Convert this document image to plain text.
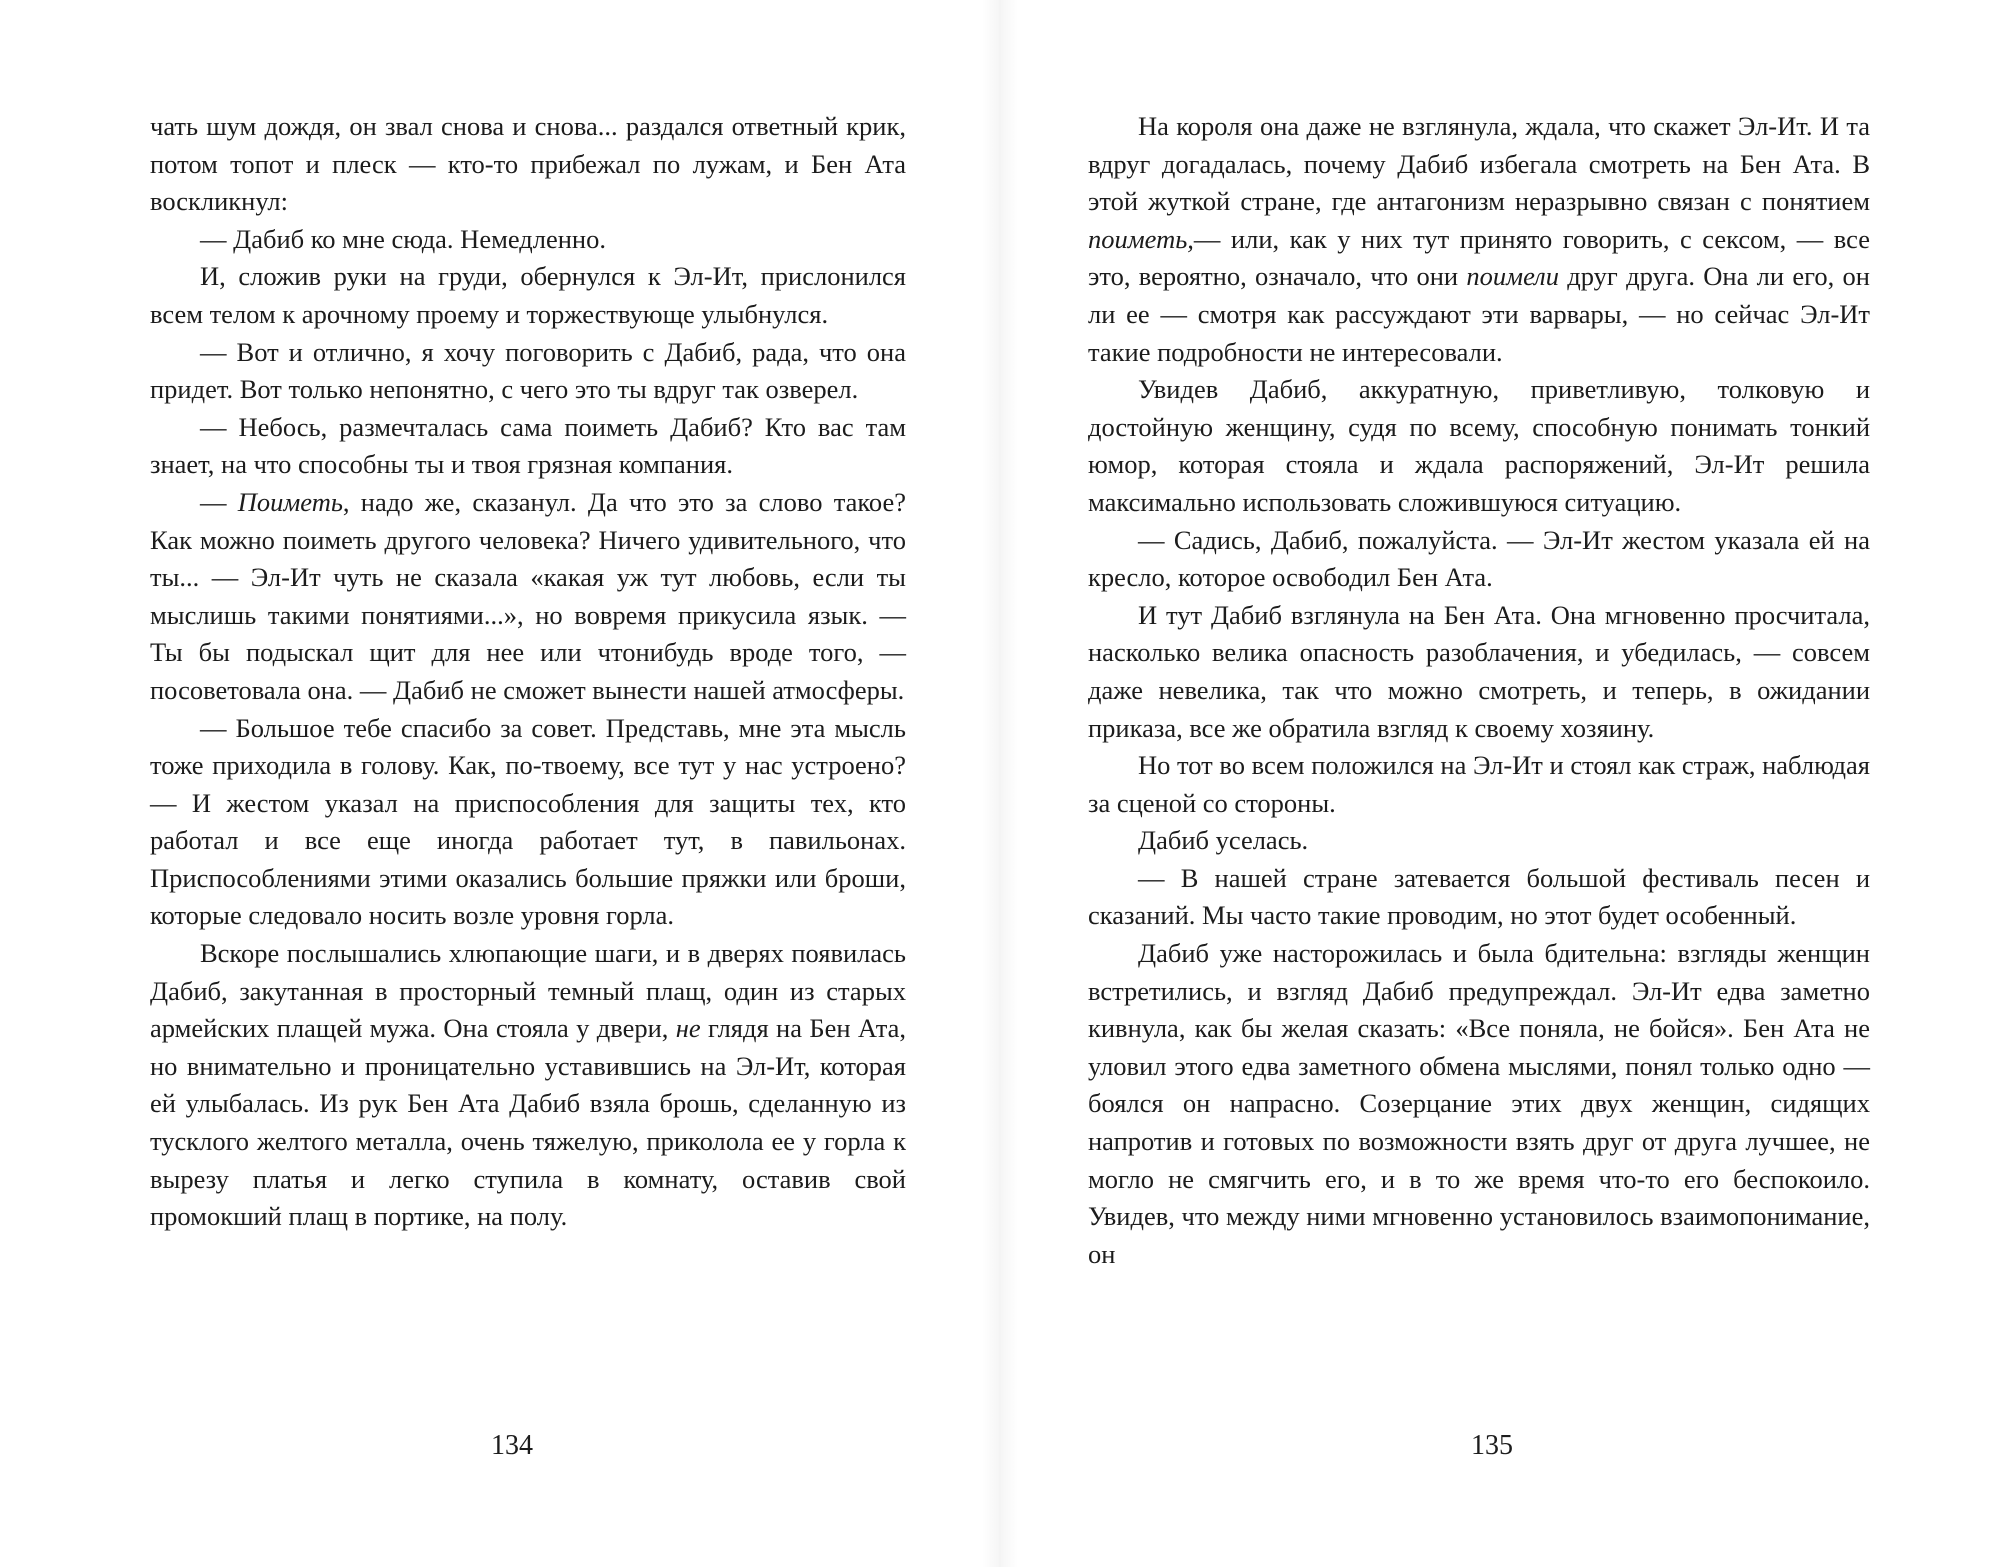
чать шум дождя, он звал снова и снова... раздался ответный крик, потом топот и плеск — кто-то прибежал по лужам, и Бен Ата воскликнул:

— Дабиб ко мне сюда. Немедленно.

И, сложив руки на груди, обернулся к Эл-Ит, прислонился всем телом к арочному проему и торжествующе улыбнулся.

— Вот и отлично, я хочу поговорить с Дабиб, рада, что она придет. Вот только непонятно, с чего это ты вдруг так озверел.

— Небось, размечталась сама поиметь Дабиб? Кто вас там знает, на что способны ты и твоя грязная компания.

— Поиметь, надо же, сказанул. Да что это за слово такое? Как можно поиметь другого человека? Ничего удивительного, что ты... — Эл-Ит чуть не сказала «какая уж тут любовь, если ты мыслишь такими понятиями...», но вовремя прикусила язык. — Ты бы подыскал щит для нее или чтонибудь вроде того, — посоветовала она. — Дабиб не сможет вынести нашей атмосферы.

— Большое тебе спасибо за совет. Представь, мне эта мысль тоже приходила в голову. Как, по-твоему, все тут у нас устроено? — И жестом указал на приспособления для защиты тех, кто работал и все еще иногда работает тут, в павильонах. Приспособлениями этими оказались большие пряжки или броши, которые следовало носить возле уровня горла.

Вскоре послышались хлюпающие шаги, и в дверях появилась Дабиб, закутанная в просторный темный плащ, один из старых армейских плащей мужа. Она стояла у двери, не глядя на Бен Ата, но внимательно и проницательно уставившись на Эл-Ит, которая ей улыбалась. Из рук Бен Ата Дабиб взяла брошь, сделанную из тусклого желтого металла, очень тяжелую, приколола ее у горла к вырезу платья и легко ступила в комнату, оставив свой промокший плащ в портике, на полу.

На короля она даже не взглянула, ждала, что скажет Эл-Ит. И та вдруг догадалась, почему Дабиб избегала смотреть на Бен Ата. В этой жуткой стране, где антагонизм неразрывно связан с понятием поиметь,— или, как у них тут принято говорить, с сексом, — все это, вероятно, означало, что они поимели друг друга. Она ли его, он ли ее — смотря как рассуждают эти варвары, — но сейчас Эл-Ит такие подробности не интересовали.

Увидев Дабиб, аккуратную, приветливую, толковую и достойную женщину, судя по всему, способную понимать тонкий юмор, которая стояла и ждала распоряжений, Эл-Ит решила максимально использовать сложившуюся ситуацию.

— Садись, Дабиб, пожалуйста. — Эл-Ит жестом указала ей на кресло, которое освободил Бен Ата.

И тут Дабиб взглянула на Бен Ата. Она мгновенно просчитала, насколько велика опасность разоблачения, и убедилась, — совсем даже невелика, так что можно смотреть, и теперь, в ожидании приказа, все же обратила взгляд к своему хозяину.

Но тот во всем положился на Эл-Ит и стоял как страж, наблюдая за сценой со стороны.

Дабиб уселась.

— В нашей стране затевается большой фестиваль песен и сказаний. Мы часто такие проводим, но этот будет особенный.

Дабиб уже насторожилась и была бдительна: взгляды женщин встретились, и взгляд Дабиб предупреждал. Эл-Ит едва заметно кивнула, как бы желая сказать: «Все поняла, не бойся». Бен Ата не уловил этого едва заметного обмена мыслями, понял только одно — боялся он напрасно. Созерцание этих двух женщин, сидящих напротив и готовых по возможности взять друг от друга лучшее, не могло не смягчить его, и в то же время что-то его беспокоило. Увидев, что между ними мгновенно установилось взаимопонимание, он

134	135
